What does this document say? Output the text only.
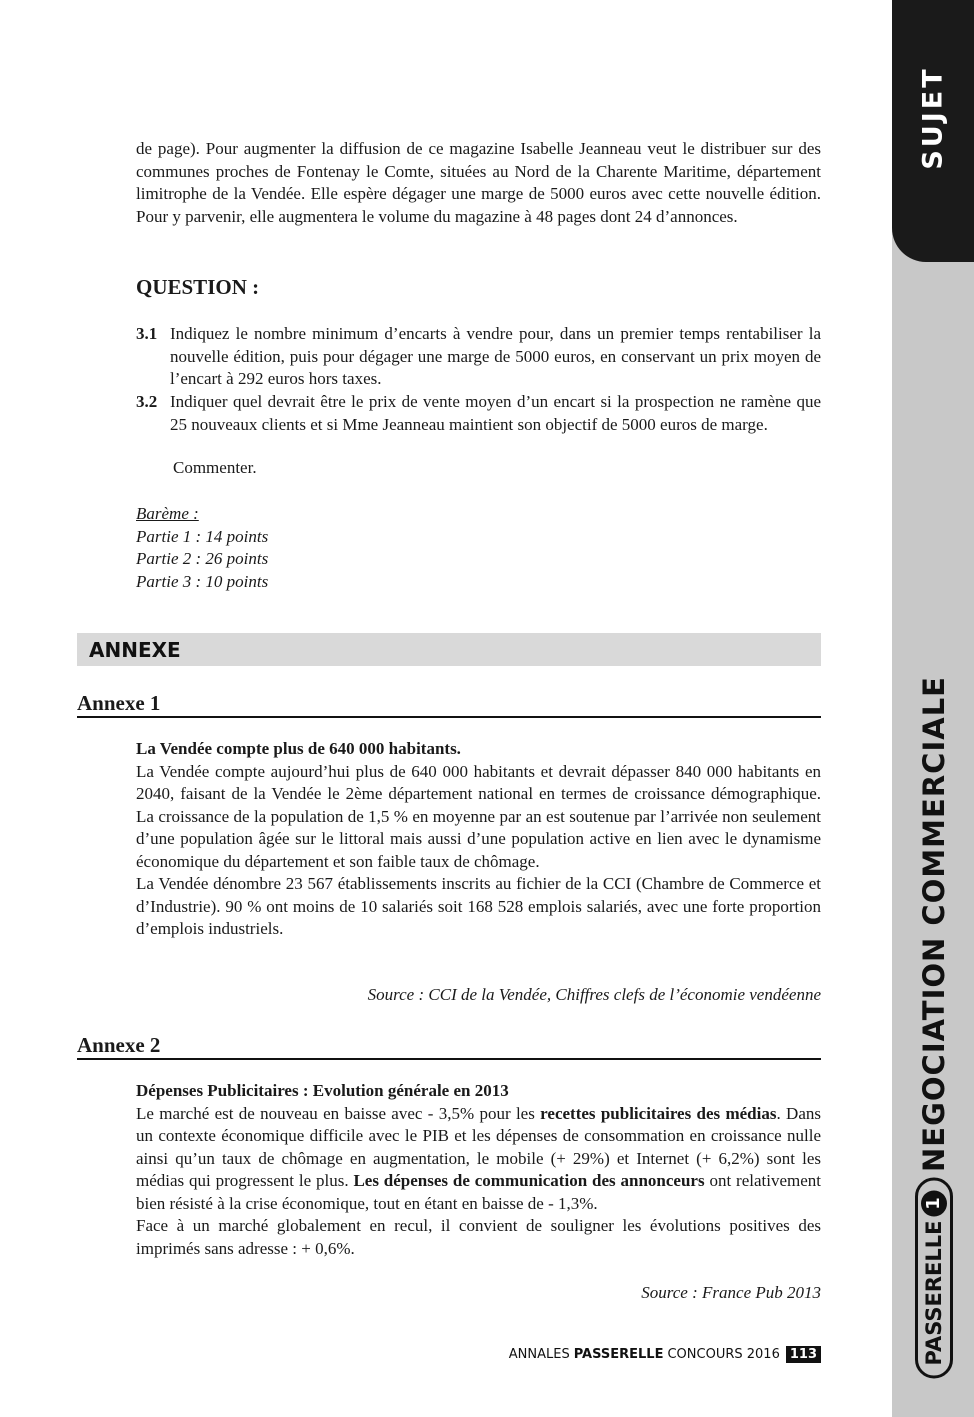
SUJET
NEGOCIATION COMMERCIALE
PASSERELLE
1

de page). Pour augmenter la diffusion de ce magazine Isabelle Jeanneau veut le distribuer sur des communes proches de Fontenay le Comte, situées au Nord de la Charente Maritime, département limitrophe de la Vendée. Elle espère dégager une marge de 5000 euros avec cette nouvelle édition. Pour y parvenir, elle augmentera le volume du magazine à 48 pages dont 24 d’annonces.

QUESTION :
3.1 Indiquez le nombre minimum d’encarts à vendre pour, dans un premier temps rentabiliser la nouvelle édition, puis pour dégager une marge de 5000 euros, en conservant un prix moyen de l’encart à 292 euros hors taxes.
3.2 Indiquer quel devrait être le prix de vente moyen d’un encart si la prospection ne ramène que 25 nouveaux clients et si Mme Jeanneau maintient son objectif de 5000 euros de marge.
Commenter.
Barème :
Partie 1 : 14 points
Partie 2 : 26 points
Partie 3 : 10 points
ANNEXE
Annexe 1

La Vendée compte plus de 640 000 habitants.

La Vendée compte aujourd’hui plus de 640 000 habitants et devrait dépasser 840 000 habitants en 2040, faisant de la Vendée le 2ème département national en termes de croissance démographique. La croissance de la population de 1,5 % en moyenne par an est soutenue par l’arrivée non seulement d’une population âgée sur le littoral mais aussi d’une population active en lien avec le dynamisme économique du département et son faible taux de chômage.

La Vendée dénombre 23 567 établissements inscrits au fichier de la CCI (Chambre de Commerce et d’Industrie). 90 % ont moins de 10 salariés soit 168 528 emplois salariés, avec une forte proportion d’emplois industriels.

Source : CCI de la Vendée, Chiffres clefs de l’économie vendéenne
Annexe 2

Dépenses Publicitaires : Evolution générale en 2013

Le marché est de nouveau en baisse avec - 3,5% pour les recettes publicitaires des médias. Dans un contexte économique difficile avec le PIB et les dépenses de consommation en croissance nulle ainsi qu’un taux de chômage en augmentation, le mobile (+ 29%) et Internet (+ 6,2%) sont les médias qui progressent le plus. Les dépenses de communication des annonceurs ont relativement bien résisté à la crise économique, tout en étant en baisse de - 1,3%.

Face à un marché globalement en recul, il convient de souligner les évolutions positives des imprimés sans adresse : + 0,6%.

Source : France Pub 2013
ANNALES PASSERELLE CONCOURS 2016 113
